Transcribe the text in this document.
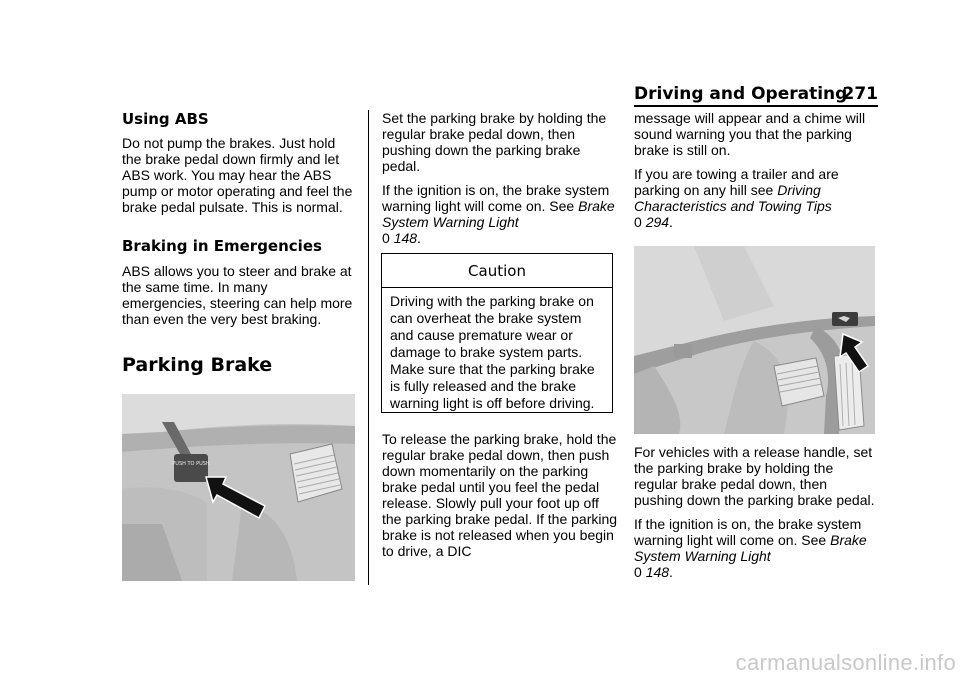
Driving and Operating
271
Using ABS

Do not pump the brakes. Just hold the brake pedal down firmly and let ABS work. You may hear the ABS pump or motor operating and feel the brake pedal pulsate. This is normal.

Braking in Emergencies

ABS allows you to steer and brake at the same time. In many emergencies, steering can help more than even the very best braking.

Parking Brake
PUSH TO PUSH

Set the parking brake by holding the regular brake pedal down, then pushing down the parking brake pedal.

If the ignition is on, the brake system warning light will come on. See Brake System Warning Light
0 148.

Caution
Driving with the parking brake on can overheat the brake system and cause premature wear or damage to brake system parts. Make sure that the parking brake is fully released and the brake warning light is off before driving.

To release the parking brake, hold the regular brake pedal down, then push down momentarily on the parking brake pedal until you feel the pedal release. Slowly pull your foot up off the parking brake pedal. If the parking brake is not released when you begin to drive, a DIC

message will appear and a chime will sound warning you that the parking brake is still on.

If you are towing a trailer and are parking on any hill see Driving Characteristics and Towing Tips
0 294.

For vehicles with a release handle, set the parking brake by holding the regular brake pedal down, then pushing down the parking brake pedal.

If the ignition is on, the brake system warning light will come on. See Brake System Warning Light
0 148.

carmanualsonline.info
